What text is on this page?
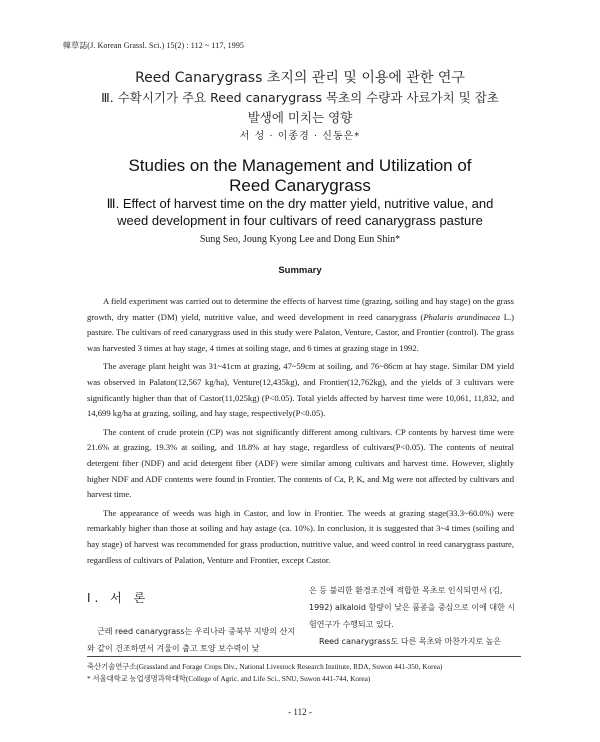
韓草誌(J. Korean Grassl. Sci.) 15(2) : 112 ~ 117, 1995
Reed Canarygrass 초지의 관리 및 이용에 관한 연구
Ⅲ. 수확시기가 주요 Reed canarygrass 목초의 수량과 사료가치 및 잡초
발생에 미치는 영향
서 성 · 이종경 · 신동은*
Studies on the Management and Utilization of
Reed Canarygrass
Ⅲ. Effect of harvest time on the dry matter yield, nutritive value, and
weed development in four cultivars of reed canarygrass pasture
Sung Seo, Joung Kyong Lee and Dong Eun Shin*
Summary

A field experiment was carried out to determine the effects of harvest time (grazing, soiling and hay stage) on the grass growth, dry matter (DM) yield, nutritive value, and weed development in reed canarygrass (Phalaris arundinacea L.) pasture. The cultivars of reed canarygrass used in this study were Palaton, Venture, Castor, and Frontier (control). The grass was harvested 3 times at hay stage, 4 times at soiling stage, and 6 times at grazing stage in 1992.

The average plant height was 31~41cm at grazing, 47~59cm at soiling, and 76~86cm at hay stage. Similar DM yield was observed in Palaton(12,567 kg/ha), Venture(12,435kg), and Frontier(12,762kg), and the yields of 3 cultivars were significantly higher than that of Castor(11,025kg) (P<0.05). Total yields affected by harvest time were 10,061, 11,832, and 14,699 kg/ha at grazing, soiling, and hay stage, respectively(P<0.05).

The content of crude protein (CP) was not significantly different among cultivars. CP contents by harvest time were 21.6% at grazing, 19.3% at soiling, and 18.8% at hay stage, regardless of cultivars(P<0.05). The contents of neutral detergent fiber (NDF) and acid detergent fiber (ADF) were similar among cultivars and harvest time. However, slightly higher NDF and ADF contents were found in Frontier. The contents of Ca, P, K, and Mg were not affected by cultivars and harvest time.

The appearance of weeds was high in Castor, and low in Frontier. The weeds at grazing stage(33.3~60.0%) were remarkably higher than those at soiling and hay astage (ca. 10%). In conclusion, it is suggested that 3~4 times (soiling and hay stage) of harvest was recommended for grass production, nutritive value, and weed control in reed canarygrass pasture, regardless of cultivars of Palation, Venture and Frontier, except Castor.

Ⅰ. 서 론

근래 reed canarygrass는 우리나라 중북부 지방의 산지와 같이 건조하면서 겨울이 춥고 토양 보수력이 낮

은 등 불리한 환경조건에 적합한 목초로 인식되면서 (김, 1992) alkaloid 함량이 낮은 품종을 중심으로 이에 대한 시험연구가 수행되고 있다.

Reed canarygrass도 다른 목초와 마찬가지로 높은

축산기술연구소(Grassland and Forage Crops Div., National Livestock Research Institute, RDA, Suwon 441-350, Korea)
* 서울대학교 농업생명과학대학(College of Agric. and Life Sci., SNU, Suwon 441-744, Korea)
- 112 -
